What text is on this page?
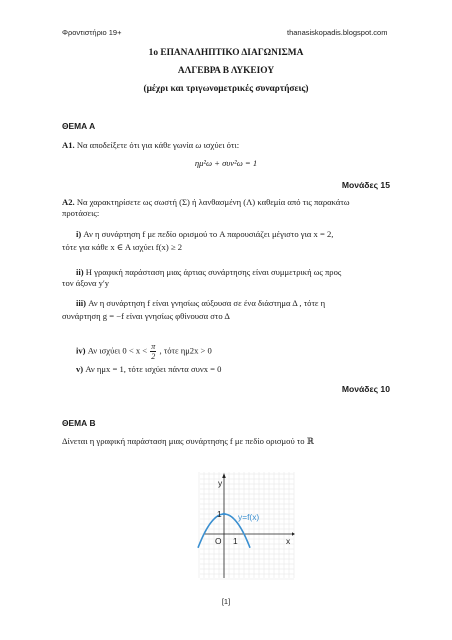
Φροντιστήριο 19+	thanasiskopadis.blogspot.com
1ο ΕΠΑΝΑΛΗΠΤΙΚΟ ΔΙΑΓΩΝΙΣΜΑ
ΑΛΓΕΒΡΑ Β ΛΥΚΕΙΟΥ
(μέχρι και τριγωνομετρικές συναρτήσεις)
ΘΕΜΑ Α
Α1. Να αποδείξετε ότι για κάθε γωνία ω ισχύει ότι:
ημ²ω + συν²ω = 1
Μονάδες 15
Α2. Να χαρακτηρίσετε ως σωστή (Σ) ή λανθασμένη (Λ) καθεμία από τις παρακάτω
προτάσεις:
i) Αν η συνάρτηση f με πεδίο ορισμού το A παρουσιάζει μέγιστο για x = 2,
τότε για κάθε x ∈ A ισχύει f(x) ≥ 2
ii) Η γραφική παράσταση μιας άρτιας συνάρτησης είναι συμμετρική ως προς
τον άξονα y′y
iii) Αν η συνάρτηση f είναι γνησίως αύξουσα σε ένα διάστημα Δ , τότε η
συνάρτηση g = −f είναι γνησίως φθίνουσα στο Δ
iv) Αν ισχύει $0 < x < \frac{\pi}{2}$ , τότε ημ2x > 0
v) Αν ημx = 1, τότε ισχύει πάντα συνx = 0
Μονάδες 10
ΘΕΜΑ Β
Δίνεται η γραφική παράσταση μιας συνάρτησης f με πεδίο ορισμού το ℝ
y
x
O 1
1 y=f(x)
[1]
